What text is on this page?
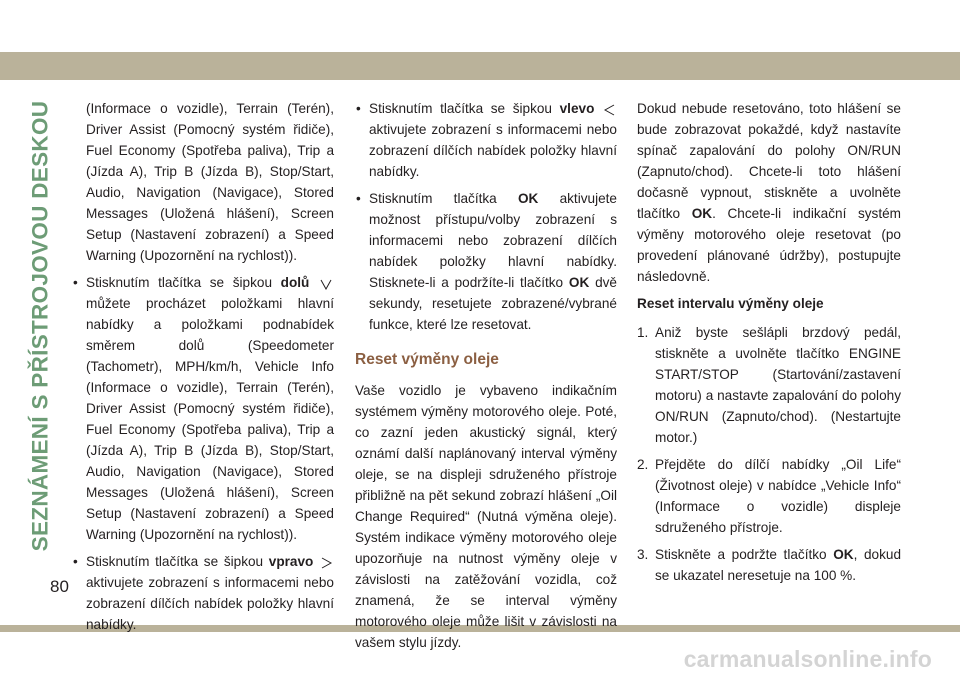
SEZNÁMENÍ S PŘÍSTROJOVOU DESKOU	(Informace o vozidle), Terrain (Terén), Driver Assist (Pomocný systém řidiče), Fuel Economy (Spotřeba paliva), Trip a (Jízda A), Trip B (Jízda B), Stop/Start, Audio, Navigation (Navigace), Stored Messages (Uložená hlášení), Screen Setup (Nastavení zobrazení) a Speed Warning (Upozornění na rychlost)).

• Stisknutím tlačítka se šipkou dolů  můžete procházet položkami hlavní nabídky a položkami podnabídek směrem dolů (Speedometer (Tachometr), MPH/km/h, Vehicle Info (Informace o vozidle), Terrain (Terén), Driver Assist (Pomocný systém řidiče), Fuel Economy (Spotřeba paliva), Trip a (Jízda A), Trip B (Jízda B), Stop/Start, Audio, Navigation (Navigace), Stored Messages (Uložená hlášení), Screen Setup (Nastavení zobrazení) a Speed Warning (Upozornění na rychlost)).
• Stisknutím tlačítka se šipkou vpravo  aktivujete zobrazení s informacemi nebo zobrazení dílčích nabídek položky hlavní nabídky.
• Stisknutím tlačítka se šipkou vlevo  aktivujete zobrazení s informacemi nebo zobrazení dílčích nabídek položky hlavní nabídky.
• Stisknutím tlačítka OK aktivujete možnost přístupu/volby zobrazení s informacemi nebo zobrazení dílčích nabídek položky hlavní nabídky. Stisknete-li a podržíte-li tlačítko OK dvě sekundy, resetujete zobrazené/vybrané funkce, které lze resetovat.
Reset výměny oleje

Vaše vozidlo je vybaveno indikačním systémem výměny motorového oleje. Poté, co zazní jeden akustický signál, který oznámí další naplánovaný interval výměny oleje, se na displeji sdruženého přístroje přibližně na pět sekund zobrazí hlášení „Oil Change Required“ (Nutná výměna oleje). Systém indikace výměny motorového oleje upozorňuje na nutnost výměny oleje v závislosti na zatěžování vozidla, což znamená, že se interval výměny motorového oleje může lišit v závislosti na vašem stylu jízdy.

Dokud nebude resetováno, toto hlášení se bude zobrazovat pokaždé, když nastavíte spínač zapalování do polohy ON/RUN (Zapnuto/chod). Chcete-li toto hlášení dočasně vypnout, stiskněte a uvolněte tlačítko OK. Chcete-li indikační systém výměny motorového oleje resetovat (po provedení plánované údržby), postupujte následovně.

Reset intervalu výměny oleje
1. Aniž byste sešlápli brzdový pedál, stiskněte a uvolněte tlačítko ENGINE START/STOP (Startování/zastavení motoru) a nastavte zapalování do polohy ON/RUN (Zapnuto/chod). (Nestartujte motor.)
2. Přejděte do dílčí nabídky „Oil Life“ (Životnost oleje) v nabídce „Vehicle Info“ (Informace o vozidle) displeje sdruženého přístroje.
3. Stiskněte a podržte tlačítko OK, dokud se ukazatel neresetuje na 100 %.
80
carmanualsonline.info
